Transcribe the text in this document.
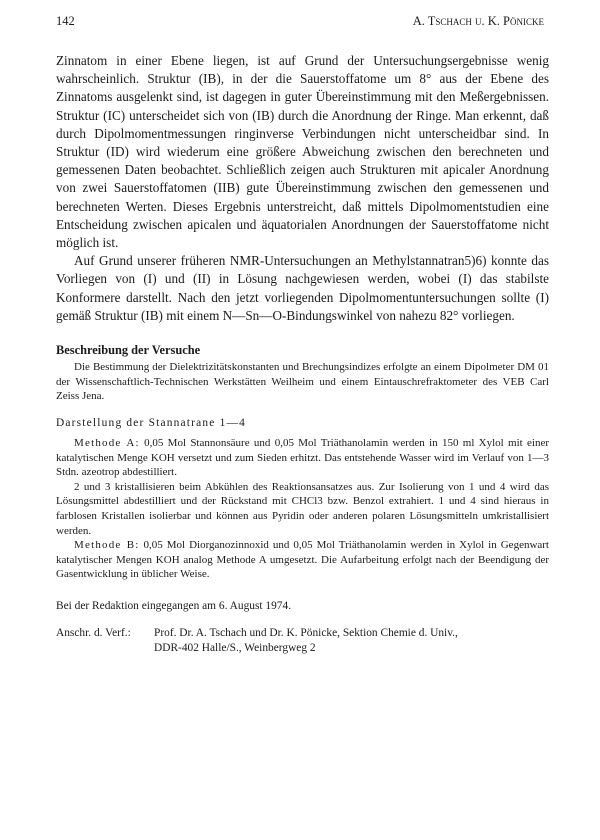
142	A. Tschach u. K. Pönicke

Zinnatom in einer Ebene liegen, ist auf Grund der Untersuchungsergebnisse wenig wahrscheinlich. Struktur (IB), in der die Sauerstoffatome um 8° aus der Ebene des Zinnatoms ausgelenkt sind, ist dagegen in guter Übereinstimmung mit den Meßergebnissen. Struktur (IC) unterscheidet sich von (IB) durch die Anordnung der Ringe. Man erkennt, daß durch Dipolmomentmessungen ringinverse Verbindungen nicht unterscheidbar sind. In Struktur (ID) wird wiederum eine größere Abweichung zwischen den berechneten und gemessenen Daten beobachtet. Schließlich zeigen auch Strukturen mit apicaler Anordnung von zwei Sauerstoffatomen (IIB) gute Übereinstimmung zwischen den gemessenen und berechneten Werten. Dieses Ergebnis unterstreicht, daß mittels Dipolmomentstudien eine Entscheidung zwischen apicalen und äquatorialen Anordnungen der Sauerstoffatome nicht möglich ist.

Auf Grund unserer früheren NMR-Untersuchungen an Methylstannatran5)6) konnte das Vorliegen von (I) und (II) in Lösung nachgewiesen werden, wobei (I) das stabilste Konformere darstellt. Nach den jetzt vorliegenden Dipolmomentuntersuchungen sollte (I) gemäß Struktur (IB) mit einem N—Sn—O-Bindungswinkel von nahezu 82° vorliegen.

Beschreibung der Versuche

Die Bestimmung der Dielektrizitätskonstanten und Brechungsindizes erfolgte an einem Dipolmeter DM 01 der Wissenschaftlich-Technischen Werkstätten Weilheim und einem Eintauschrefraktometer des VEB Carl Zeiss Jena.

Darstellung der Stannatrane 1—4

Methode A: 0,05 Mol Stannonsäure und 0,05 Mol Triäthanolamin werden in 150 ml Xylol mit einer katalytischen Menge KOH versetzt und zum Sieden erhitzt. Das entstehende Wasser wird im Verlauf von 1—3 Stdn. azeotrop abdestilliert.

2 und 3 kristallisieren beim Abkühlen des Reaktionsansatzes aus. Zur Isolierung von 1 und 4 wird das Lösungsmittel abdestilliert und der Rückstand mit CHCl3 bzw. Benzol extrahiert. 1 und 4 sind hieraus in farblosen Kristallen isolierbar und können aus Pyridin oder anderen polaren Lösungsmitteln umkristallisiert werden.

Methode B: 0,05 Mol Diorganozinnoxid und 0,05 Mol Triäthanolamin werden in Xylol in Gegenwart katalytischer Mengen KOH analog Methode A umgesetzt. Die Aufarbeitung erfolgt nach der Beendigung der Gasentwicklung in üblicher Weise.

Bei der Redaktion eingegangen am 6. August 1974.

Anschr. d. Verf.: Prof. Dr. A. Tschach und Dr. K. Pönicke, Sektion Chemie d. Univ.,
DDR-402 Halle/S., Weinbergweg 2
